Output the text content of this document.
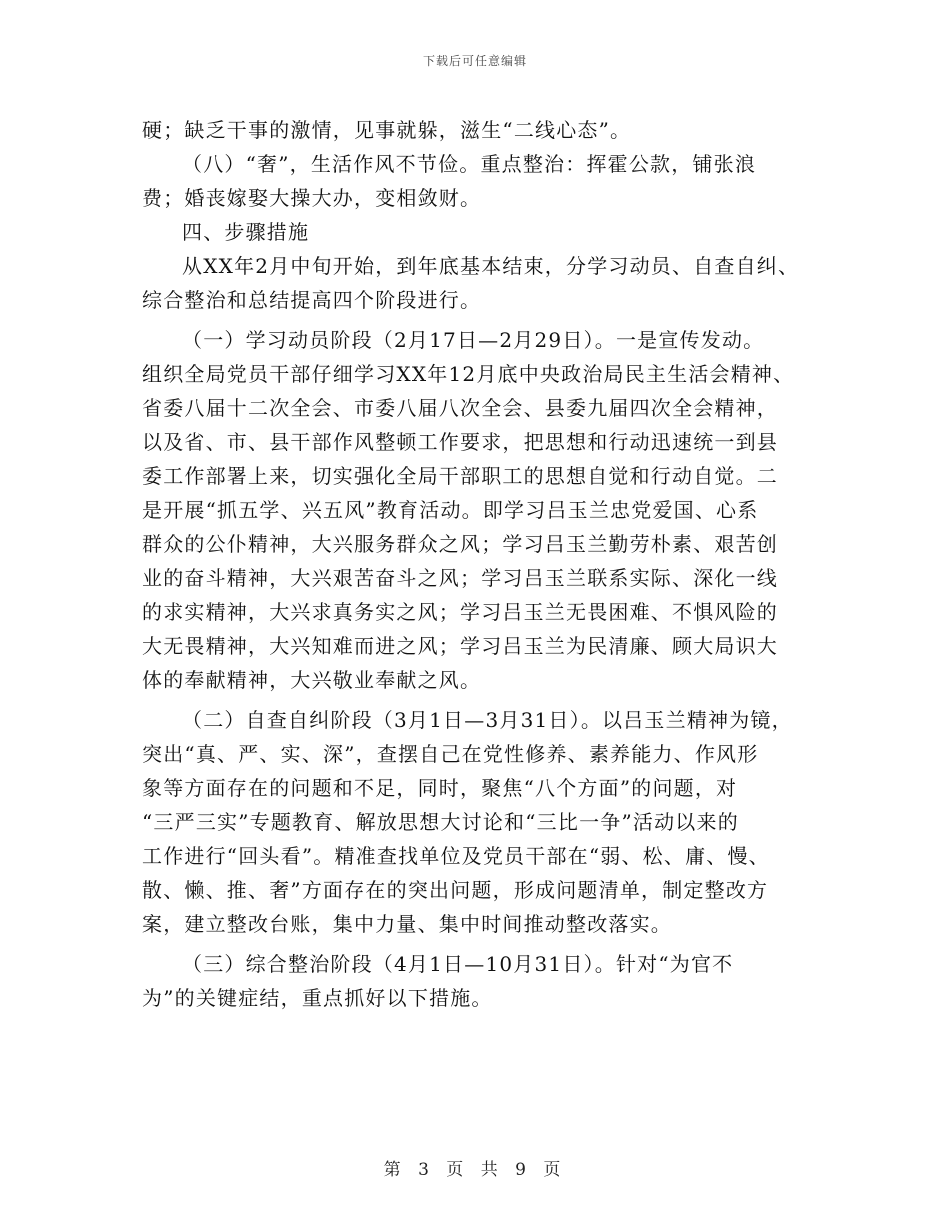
下载后可任意编辑
硬；缺乏干事的激情，见事就躲，滋生“二线心态”。
（八）“奢”，生活作风不节俭。重点整治：挥霍公款，铺张浪
费；婚丧嫁娶大操大办，变相敛财。
四、步骤措施
从XX年2月中旬开始，到年底基本结束，分学习动员、自查自纠、
综合整治和总结提高四个阶段进行。
（一）学习动员阶段（2月17日—2月29日）。一是宣传发动。
组织全局党员干部仔细学习XX年12月底中央政治局民主生活会精神、
省委八届十二次全会、市委八届八次全会、县委九届四次全会精神，
以及省、市、县干部作风整顿工作要求，把思想和行动迅速统一到县
委工作部署上来，切实强化全局干部职工的思想自觉和行动自觉。二
是开展“抓五学、兴五风”教育活动。即学习吕玉兰忠党爱国、心系
群众的公仆精神，大兴服务群众之风；学习吕玉兰勤劳朴素、艰苦创
业的奋斗精神，大兴艰苦奋斗之风；学习吕玉兰联系实际、深化一线
的求实精神，大兴求真务实之风；学习吕玉兰无畏困难、不惧风险的
大无畏精神，大兴知难而进之风；学习吕玉兰为民清廉、顾大局识大
体的奉献精神，大兴敬业奉献之风。
（二）自查自纠阶段（3月1日—3月31日）。以吕玉兰精神为镜，
突出“真、严、实、深”，查摆自己在党性修养、素养能力、作风形
象等方面存在的问题和不足，同时，聚焦“八个方面”的问题，对
“三严三实”专题教育、解放思想大讨论和“三比一争”活动以来的
工作进行“回头看”。精准查找单位及党员干部在“弱、松、庸、慢、
散、懒、推、奢”方面存在的突出问题，形成问题清单，制定整改方
案，建立整改台账，集中力量、集中时间推动整改落实。
（三）综合整治阶段（4月1日—10月31日）。针对“为官不
为”的关键症结，重点抓好以下措施。
第 3 页 共 9 页
